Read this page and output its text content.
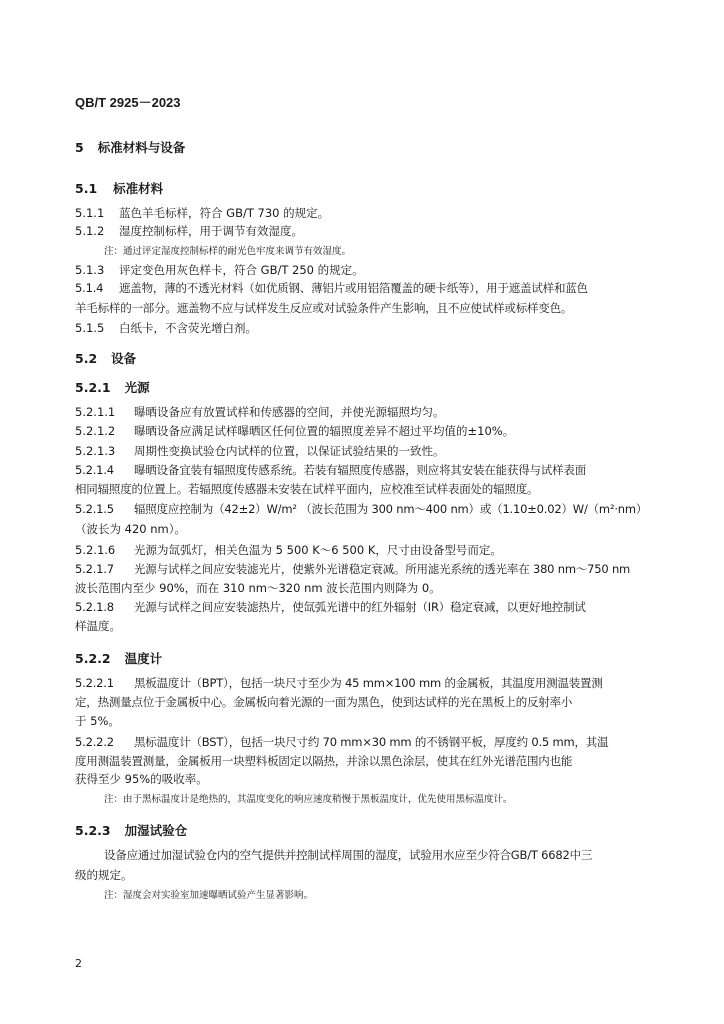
QB/T 2925－2023
5 标准材料与设备
5.1 标准材料
5.1.1 蓝色羊毛标样，符合 GB/T 730 的规定。
5.1.2 湿度控制标样，用于调节有效湿度。
注：通过评定湿度控制标样的耐光色牢度来调节有效湿度。
5.1.3 评定变色用灰色样卡，符合 GB/T 250 的规定。
5.1.4 遮盖物，薄的不透光材料（如优质钢、薄铝片或用铝箔覆盖的硬卡纸等），用于遮盖试样和蓝色
羊毛标样的一部分。遮盖物不应与试样发生反应或对试验条件产生影响，且不应使试样或标样变色。
5.1.5 白纸卡，不含荧光增白剂。
5.2 设备
5.2.1 光源
5.2.1.1 曝晒设备应有放置试样和传感器的空间，并使光源辐照均匀。
5.2.1.2 曝晒设备应满足试样曝晒区任何位置的辐照度差异不超过平均值的±10%。
5.2.1.3 周期性变换试验仓内试样的位置，以保证试验结果的一致性。
5.2.1.4 曝晒设备宜装有辐照度传感系统。若装有辐照度传感器，则应将其安装在能获得与试样表面
相同辐照度的位置上。若辐照度传感器未安装在试样平面内，应校准至试样表面处的辐照度。
5.2.1.5 辐照度应控制为（42±2）W/m² （波长范围为 300 nm～400 nm）或（1.10±0.02）W/（m²·nm）
（波长为 420 nm）。
5.2.1.6 光源为氙弧灯，相关色温为 5 500 K～6 500 K，尺寸由设备型号而定。
5.2.1.7 光源与试样之间应安装滤光片，使紫外光谱稳定衰减。所用滤光系统的透光率在 380 nm～750 nm
波长范围内至少 90%，而在 310 nm～320 nm 波长范围内则降为 0。
5.2.1.8 光源与试样之间应安装滤热片，使氙弧光谱中的红外辐射（IR）稳定衰减，以更好地控制试
样温度。
5.2.2 温度计
5.2.2.1 黑板温度计（BPT），包括一块尺寸至少为 45 mm×100 mm 的金属板，其温度用测温装置测
定，热测量点位于金属板中心。金属板向着光源的一面为黑色，使到达试样的光在黑板上的反射率小
于 5%。
5.2.2.2 黑标温度计（BST），包括一块尺寸约 70 mm×30 mm 的不锈钢平板，厚度约 0.5 mm，其温
度用测温装置测量，金属板用一块塑料板固定以隔热，并涂以黑色涂层，使其在红外光谱范围内也能
获得至少 95%的吸收率。
注：由于黑标温度计是绝热的，其温度变化的响应速度稍慢于黑板温度计，优先使用黑标温度计。
5.2.3 加湿试验仓
设备应通过加湿试验仓内的空气提供并控制试样周围的湿度，试验用水应至少符合GB/T 6682中三
级的规定。
注：湿度会对实验室加速曝晒试验产生显著影响。
2
